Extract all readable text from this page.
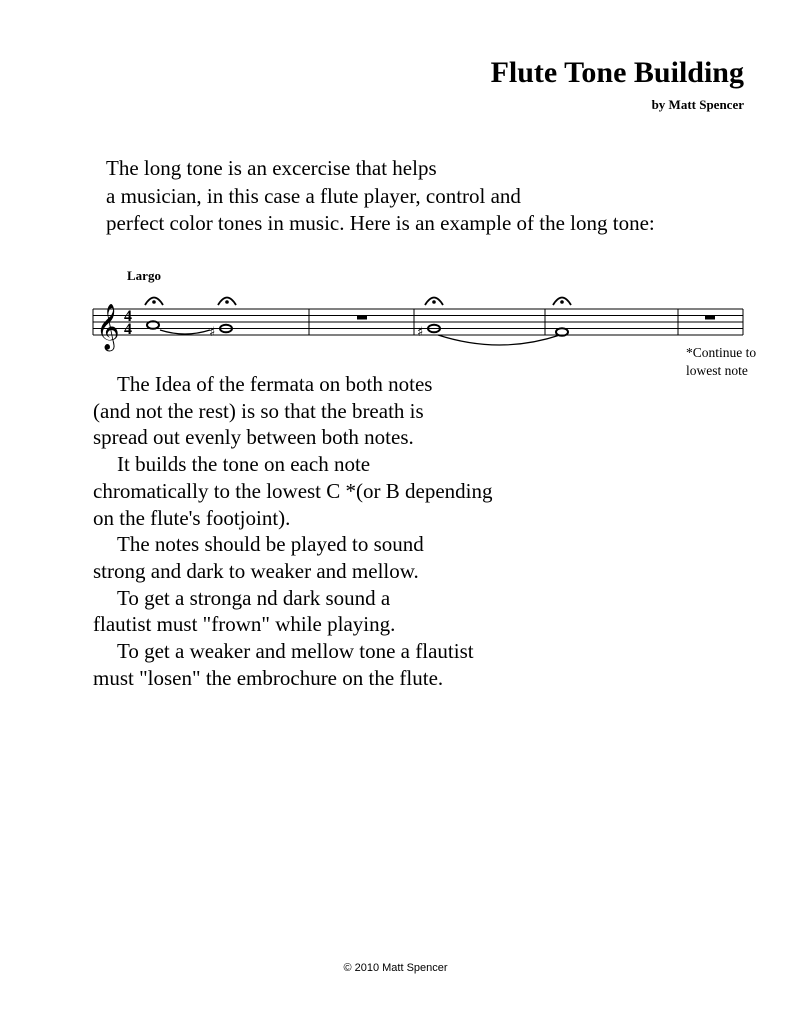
Flute Tone Building
by Matt Spencer
The long tone is an excercise that helps
a musician, in this case a flute player, control and
perfect color tones in music. Here is an example of the long tone:
Largo
𝄞 4
4	♯	♯
*Continue to
lowest note
The Idea of the fermata on both notes
(and not the rest) is so that the breath is
spread out evenly between both notes.
It builds the tone on each note
chromatically to the lowest C *(or B depending
on the flute's footjoint).
The notes should be played to sound
strong and dark to weaker and mellow.
To get a stronga nd dark sound a
flautist must "frown" while playing.
To get a weaker and mellow tone a flautist
must "losen" the embrochure on the flute.
© 2010 Matt Spencer
